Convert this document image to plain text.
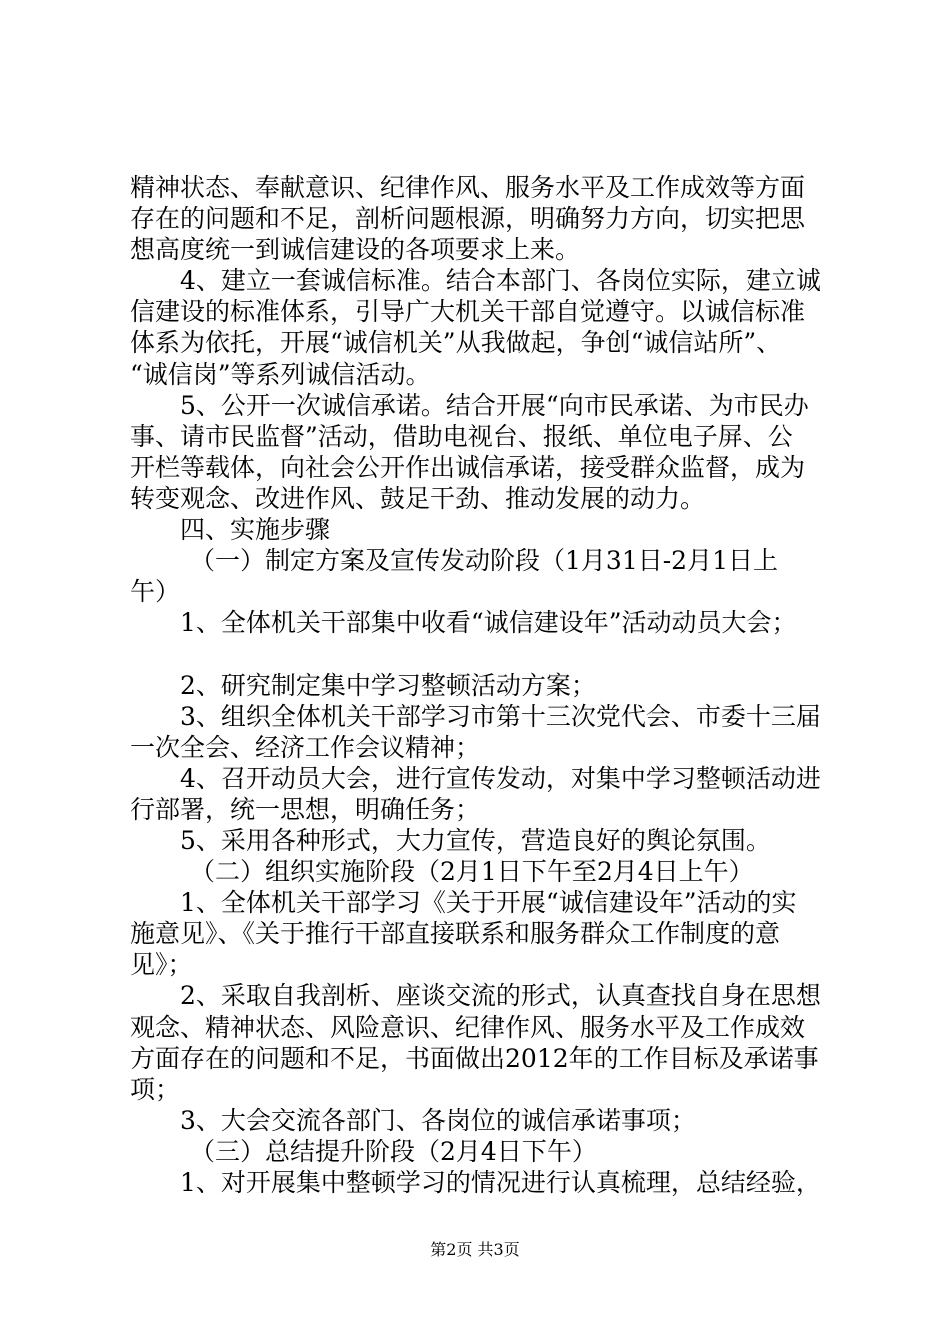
精神状态、奉献意识、纪律作风、服务水平及工作成效等方面
存在的问题和不足，剖析问题根源，明确努力方向，切实把思
想高度统一到诚信建设的各项要求上来。
4、建立一套诚信标准。结合本部门、各岗位实际，建立诚
信建设的标准体系，引导广大机关干部自觉遵守。以诚信标准
体系为依托，开展“诚信机关”从我做起，争创“诚信站所”、
“诚信岗”等系列诚信活动。
5、公开一次诚信承诺。结合开展“向市民承诺、为市民办
事、请市民监督”活动，借助电视台、报纸、单位电子屏、公
开栏等载体，向社会公开作出诚信承诺，接受群众监督，成为
转变观念、改进作风、鼓足干劲、推动发展的动力。
四、实施步骤
（一）制定方案及宣传发动阶段（1月31日-2月1日上
午）
1、全体机关干部集中收看“诚信建设年”活动动员大会；
2、研究制定集中学习整顿活动方案；
3、组织全体机关干部学习市第十三次党代会、市委十三届
一次全会、经济工作会议精神；
4、召开动员大会，进行宣传发动，对集中学习整顿活动进
行部署，统一思想，明确任务；
5、采用各种形式，大力宣传，营造良好的舆论氛围。
（二）组织实施阶段（2月1日下午至2月4日上午）
1、全体机关干部学习《关于开展“诚信建设年”活动的实
施意见》、《关于推行干部直接联系和服务群众工作制度的意
见》；
2、采取自我剖析、座谈交流的形式，认真查找自身在思想
观念、精神状态、风险意识、纪律作风、服务水平及工作成效
方面存在的问题和不足，书面做出2012年的工作目标及承诺事
项；
3、大会交流各部门、各岗位的诚信承诺事项；
（三）总结提升阶段（2月4日下午）
1、对开展集中整顿学习的情况进行认真梳理，总结经验，
第2页 共3页
